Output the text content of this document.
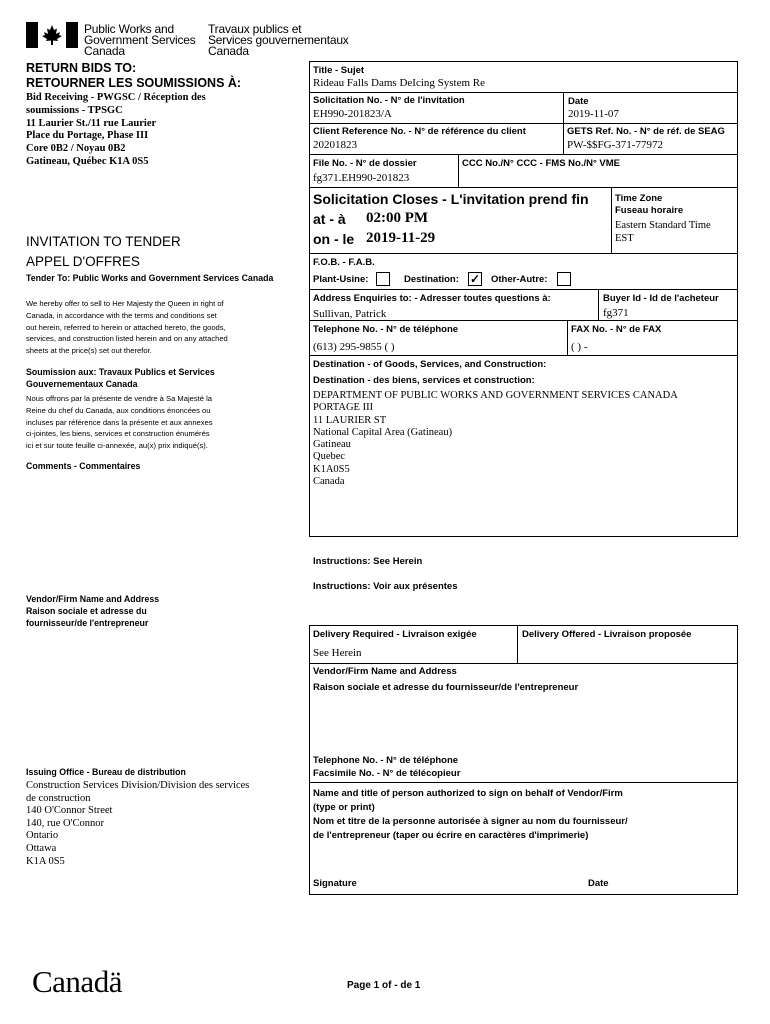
Public Works and
Government Services
Canada
Travaux publics et
Services gouvernementaux
Canada
RETURN BIDS TO:
RETOURNER LES SOUMISSIONS À:
Bid Receiving - PWGSC / Réception des
soumissions - TPSGC
11 Laurier St./11 rue Laurier
Place du Portage, Phase III
Core 0B2 / Noyau 0B2
Gatineau, Québec K1A 0S5
INVITATION TO TENDER
APPEL D'OFFRES
Tender To: Public Works and Government Services Canada
We hereby offer to sell to Her Majesty the Queen in right of
Canada, in accordance with the terms and conditions set
out herein, referred to herein or attached hereto, the goods,
services, and construction listed herein and on any attached
sheets at the price(s) set out therefor.
Soumission aux: Travaux Publics et Services Gouvernementaux Canada
Nous offrons par la présente de vendre à Sa Majesté la
Reine du chef du Canada, aux conditions énoncées ou
incluses par référence dans la présente et aux annexes
ci-jointes, les biens, services et construction énumérés
ici et sur toute feuille ci-annexée, au(x) prix indiqué(s).
Comments - Commentaires
Vendor/Firm Name and Address
Raison sociale et adresse du
fournisseur/de l'entrepreneur
Issuing Office - Bureau de distribution
Construction Services Division/Division des services
de construction
140 O'Connor Street
140, rue O'Connor
Ontario
Ottawa
K1A 0S5
Title - Sujet
Rideau Falls Dams DeIcing System Re
Solicitation No. - N° de l'invitation
EH990-201823/A
Date
2019-11-07
Client Reference No. - N° de référence du client
20201823
GETS Ref. No. - N° de réf. de SEAG
PW-$$FG-371-77972
File No. - N° de dossier
fg371.EH990-201823
CCC No./N° CCC - FMS No./N° VME
Solicitation Closes - L'invitation prend fin
at - à 02:00 PM
on - le 2019-11-29
Time Zone
Fuseau horaire
Eastern Standard Time
EST
F.O.B. - F.A.B.
Plant-Usine:	Destination: ✓ Other-Autre:
Address Enquiries to: - Adresser toutes questions à:
Sullivan, Patrick
Buyer Id - Id de l'acheteur
fg371
Telephone No. - N° de téléphone
(613) 295-9855 ( )
FAX No. - N° de FAX
( ) -
Destination - of Goods, Services, and Construction:
Destination - des biens, services et construction:
DEPARTMENT OF PUBLIC WORKS AND GOVERNMENT SERVICES CANADA
PORTAGE III
11 LAURIER ST
National Capital Area (Gatineau)
Gatineau
Quebec
K1A0S5
Canada
Instructions: See Herein
Instructions: Voir aux présentes
Delivery Required - Livraison exigée
See Herein
Delivery Offered - Livraison proposée
Vendor/Firm Name and Address
Raison sociale et adresse du fournisseur/de l'entrepreneur
Telephone No. - N° de téléphone
Facsimile No. - N° de télécopieur
Name and title of person authorized to sign on behalf of Vendor/Firm
(type or print)
Nom et titre de la personne autorisée à signer au nom du fournisseur/
de l'entrepreneur (taper ou écrire en caractères d'imprimerie)
Signature	Date
Canadä	Page 1 of - de 1
